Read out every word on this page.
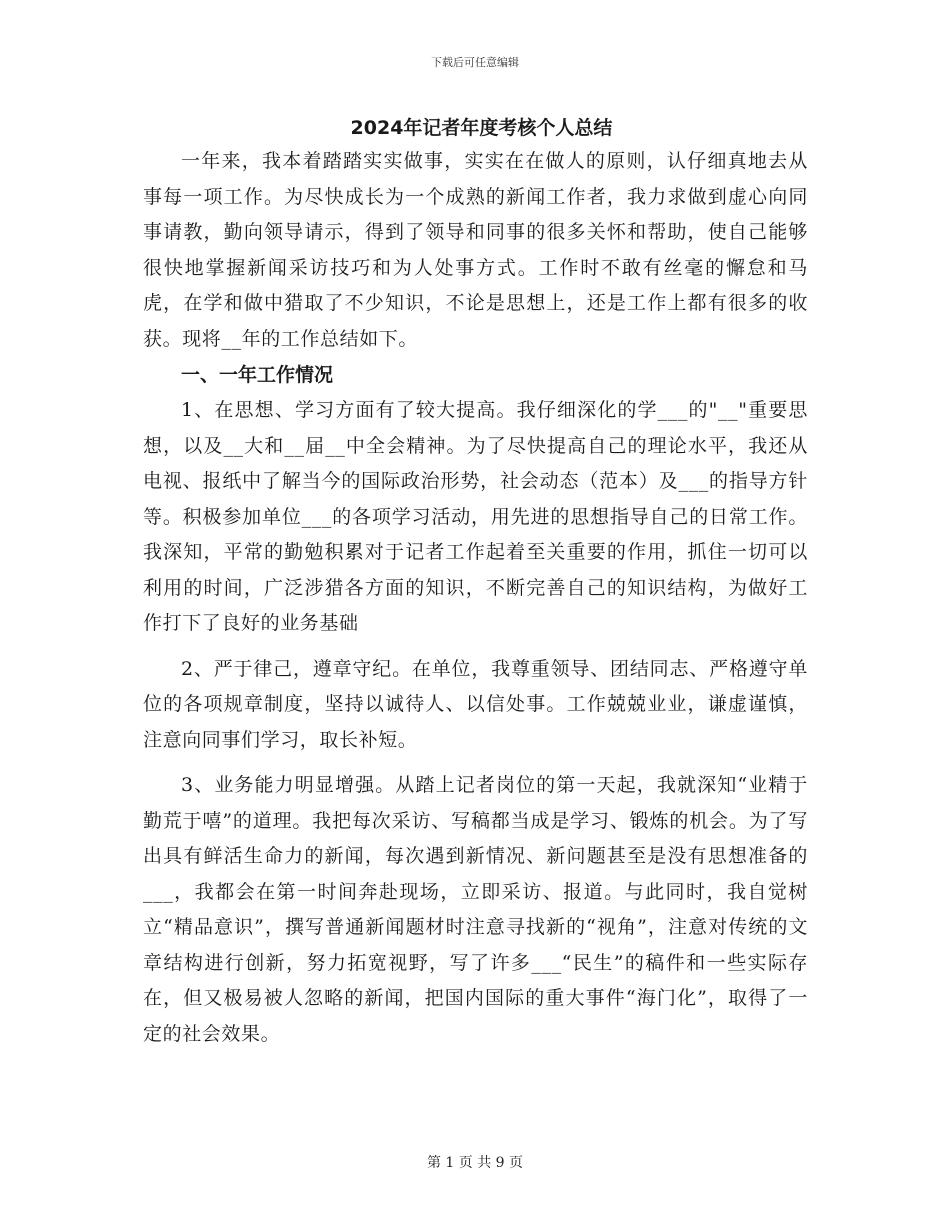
下载后可任意编辑
2024年记者年度考核个人总结

一年来，我本着踏踏实实做事，实实在在做人的原则，认仔细真地去从事每一项工作。为尽快成长为一个成熟的新闻工作者，我力求做到虚心向同事请教，勤向领导请示，得到了领导和同事的很多关怀和帮助，使自己能够很快地掌握新闻采访技巧和为人处事方式。工作时不敢有丝毫的懈怠和马虎，在学和做中猎取了不少知识，不论是思想上，还是工作上都有很多的收获。现将__年的工作总结如下。

一、一年工作情况

1、在思想、学习方面有了较大提高。我仔细深化的学___的"__"重要思想，以及__大和__届__中全会精神。为了尽快提高自己的理论水平，我还从电视、报纸中了解当今的国际政治形势，社会动态（范本）及___的指导方针等。积极参加单位___的各项学习活动，用先进的思想指导自己的日常工作。我深知，平常的勤勉积累对于记者工作起着至关重要的作用，抓住一切可以利用的时间，广泛涉猎各方面的知识，不断完善自己的知识结构，为做好工作打下了良好的业务基础

2、严于律己，遵章守纪。在单位，我尊重领导、团结同志、严格遵守单位的各项规章制度，坚持以诚待人、以信处事。工作兢兢业业，谦虚谨慎，注意向同事们学习，取长补短。

3、业务能力明显增强。从踏上记者岗位的第一天起，我就深知“业精于勤荒于嘻”的道理。我把每次采访、写稿都当成是学习、锻炼的机会。为了写出具有鲜活生命力的新闻，每次遇到新情况、新问题甚至是没有思想准备的___，我都会在第一时间奔赴现场，立即采访、报道。与此同时，我自觉树立“精品意识”，撰写普通新闻题材时注意寻找新的“视角”，注意对传统的文章结构进行创新，努力拓宽视野，写了许多___“民生”的稿件和一些实际存在，但又极易被人忽略的新闻，把国内国际的重大事件“海门化”，取得了一定的社会效果。

第 1 页 共 9 页
